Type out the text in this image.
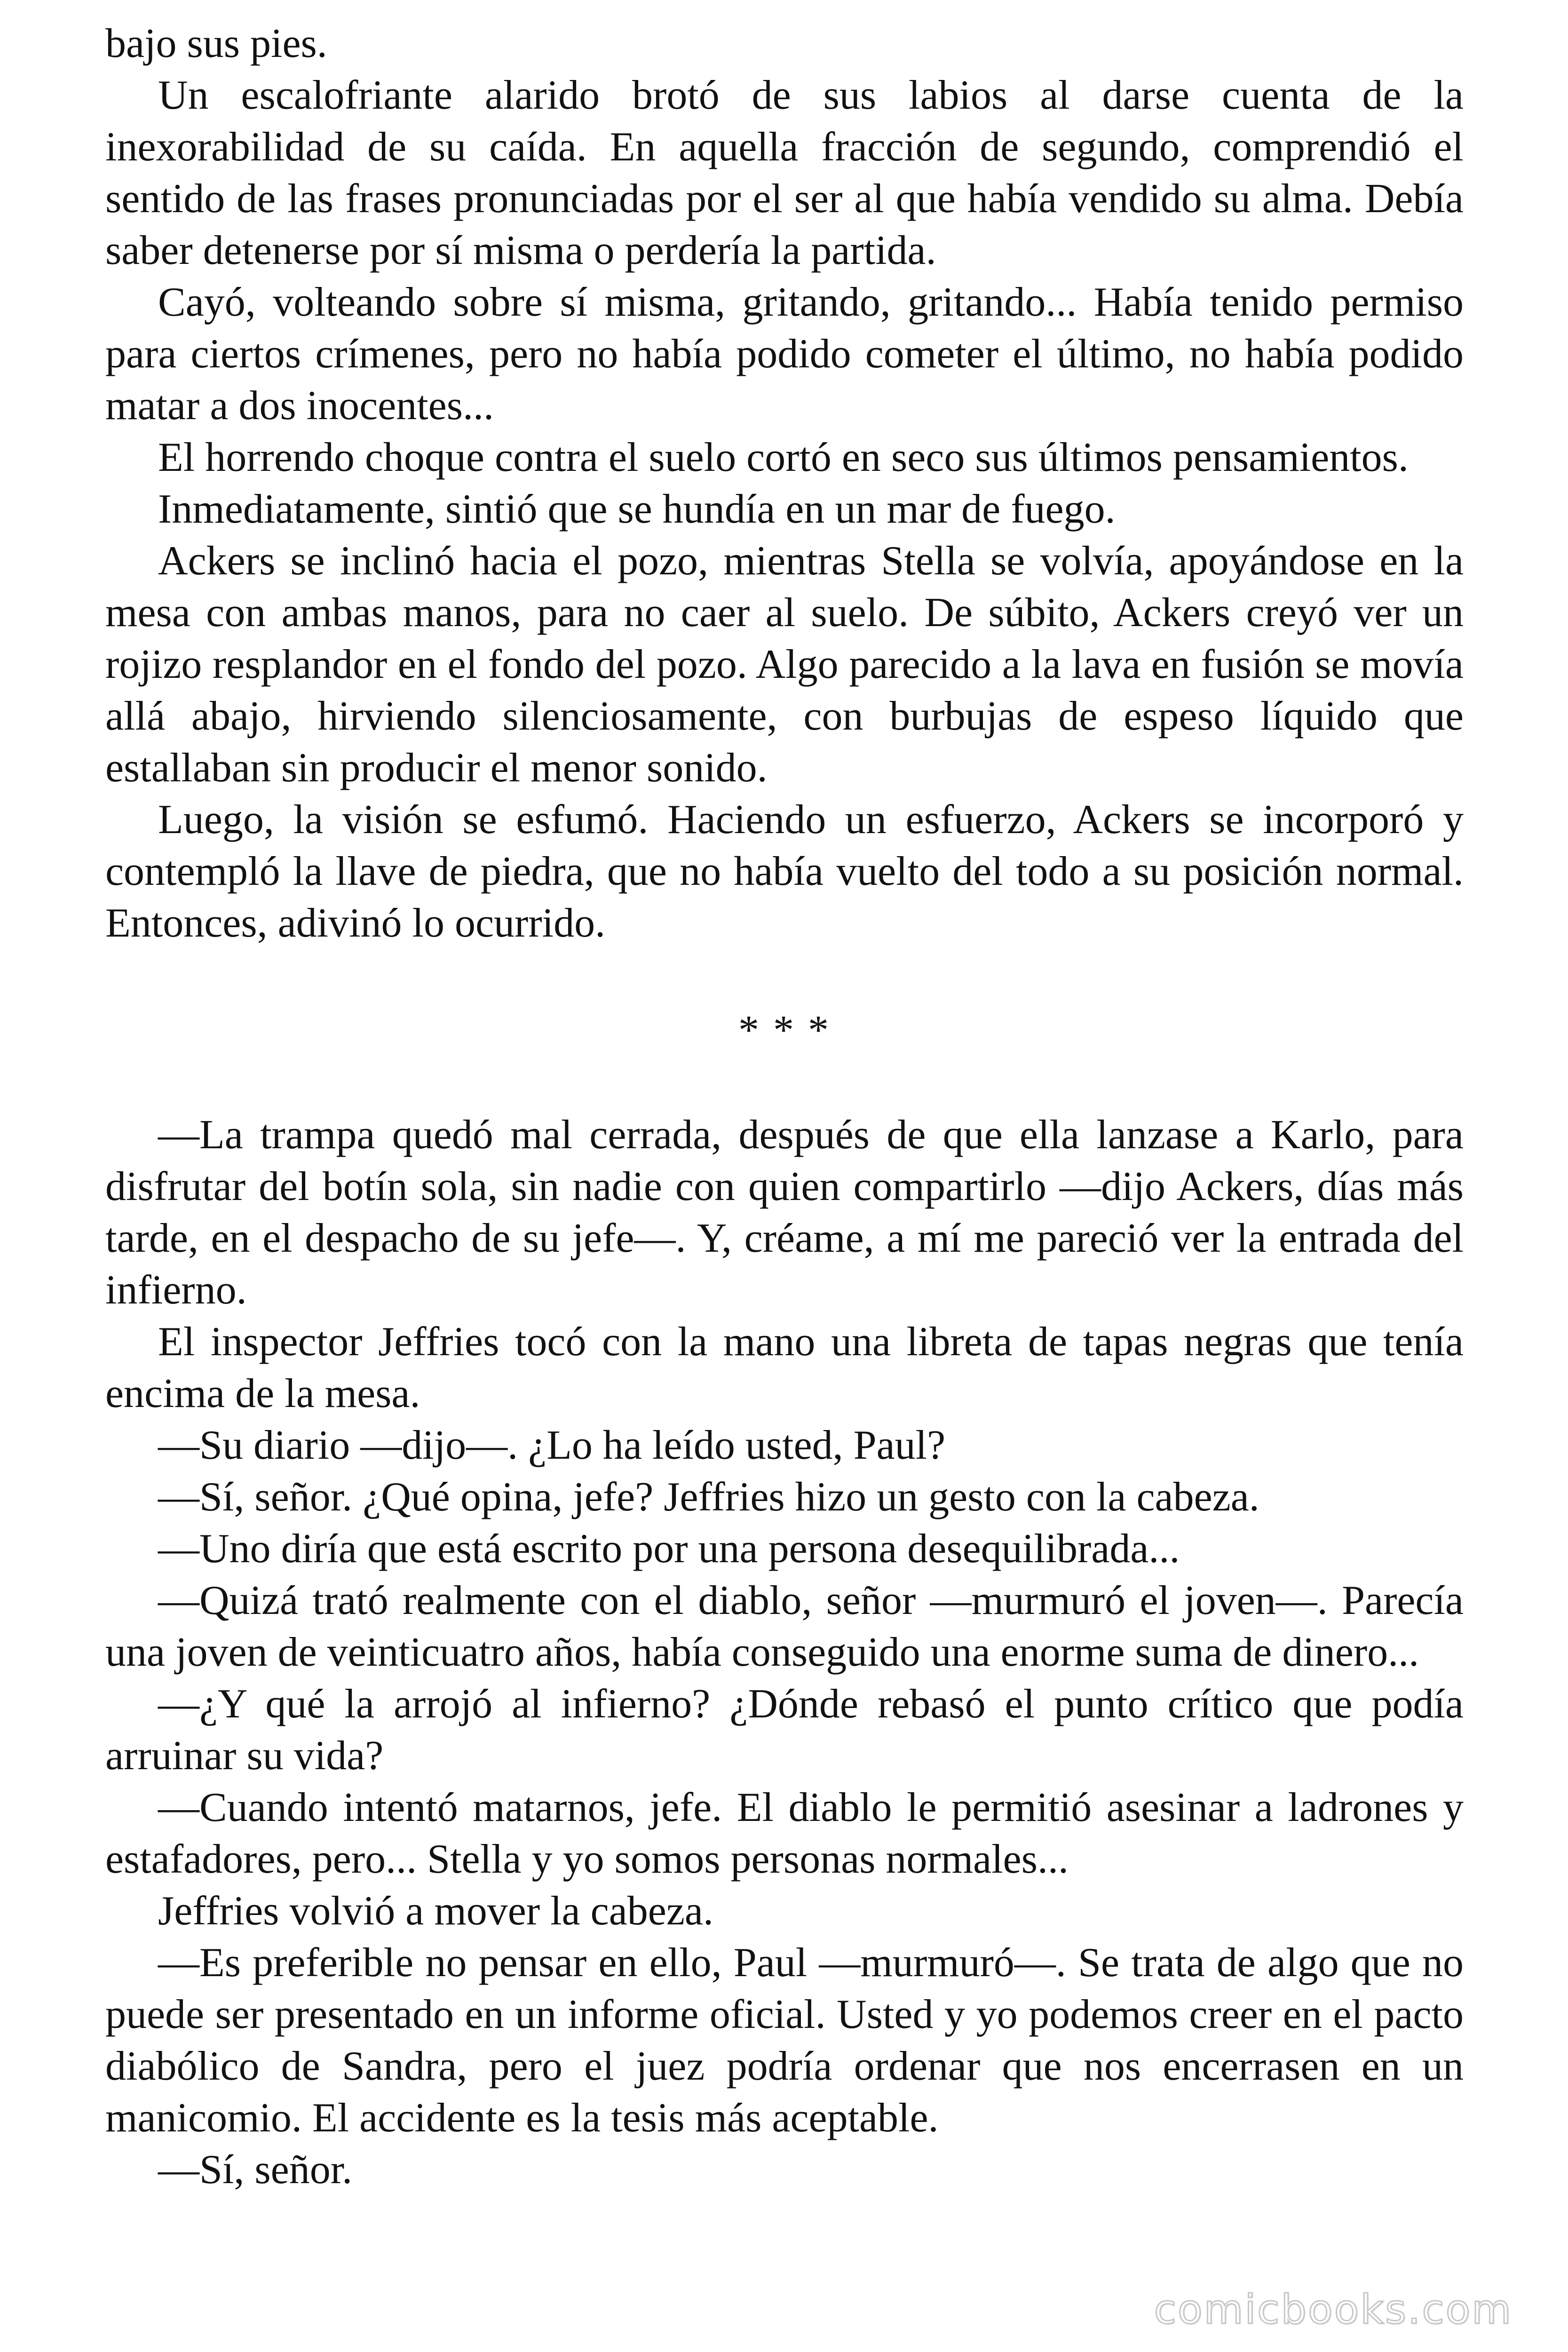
bajo sus pies.

Un escalofriante alarido brotó de sus labios al darse cuenta de la inexorabilidad de su caída. En aquella fracción de segundo, comprendió el sentido de las frases pronunciadas por el ser al que había vendido su alma. Debía saber detenerse por sí misma o perdería la partida.

Cayó, volteando sobre sí misma, gritando, gritando... Había tenido permiso para ciertos crímenes, pero no había podido cometer el último, no había podido matar a dos inocentes...

El horrendo choque contra el suelo cortó en seco sus últimos pensamientos.

Inmediatamente, sintió que se hundía en un mar de fuego.

Ackers se inclinó hacia el pozo, mientras Stella se volvía, apoyándose en la mesa con ambas manos, para no caer al suelo. De súbito, Ackers creyó ver un rojizo resplandor en el fondo del pozo. Algo parecido a la lava en fusión se movía allá abajo, hirviendo silenciosamente, con burbujas de espeso líquido que estallaban sin producir el menor sonido.

Luego, la visión se esfumó. Haciendo un esfuerzo, Ackers se incorporó y contempló la llave de piedra, que no había vuelto del todo a su posición normal. Entonces, adivinó lo ocurrido.

* * *

—La trampa quedó mal cerrada, después de que ella lanzase a Karlo, para disfrutar del botín sola, sin nadie con quien compartirlo —dijo Ackers, días más tarde, en el despacho de su jefe—. Y, créame, a mí me pareció ver la entrada del infierno.

El inspector Jeffries tocó con la mano una libreta de tapas negras que tenía encima de la mesa.

—Su diario —dijo—. ¿Lo ha leído usted, Paul?

—Sí, señor. ¿Qué opina, jefe? Jeffries hizo un gesto con la cabeza.

—Uno diría que está escrito por una persona desequilibrada...

—Quizá trató realmente con el diablo, señor —murmuró el joven—. Parecía una joven de veinticuatro años, había conseguido una enorme suma de dinero...

—¿Y qué la arrojó al infierno? ¿Dónde rebasó el punto crítico que podía arruinar su vida?

—Cuando intentó matarnos, jefe. El diablo le permitió asesinar a ladrones y estafadores, pero... Stella y yo somos personas normales...

Jeffries volvió a mover la cabeza.

—Es preferible no pensar en ello, Paul —murmuró—. Se trata de algo que no puede ser presentado en un informe oficial. Usted y yo podemos creer en el pacto diabólico de Sandra, pero el juez podría ordenar que nos encerrasen en un manicomio. El accidente es la tesis más aceptable.

—Sí, señor.

comicbooks.com
